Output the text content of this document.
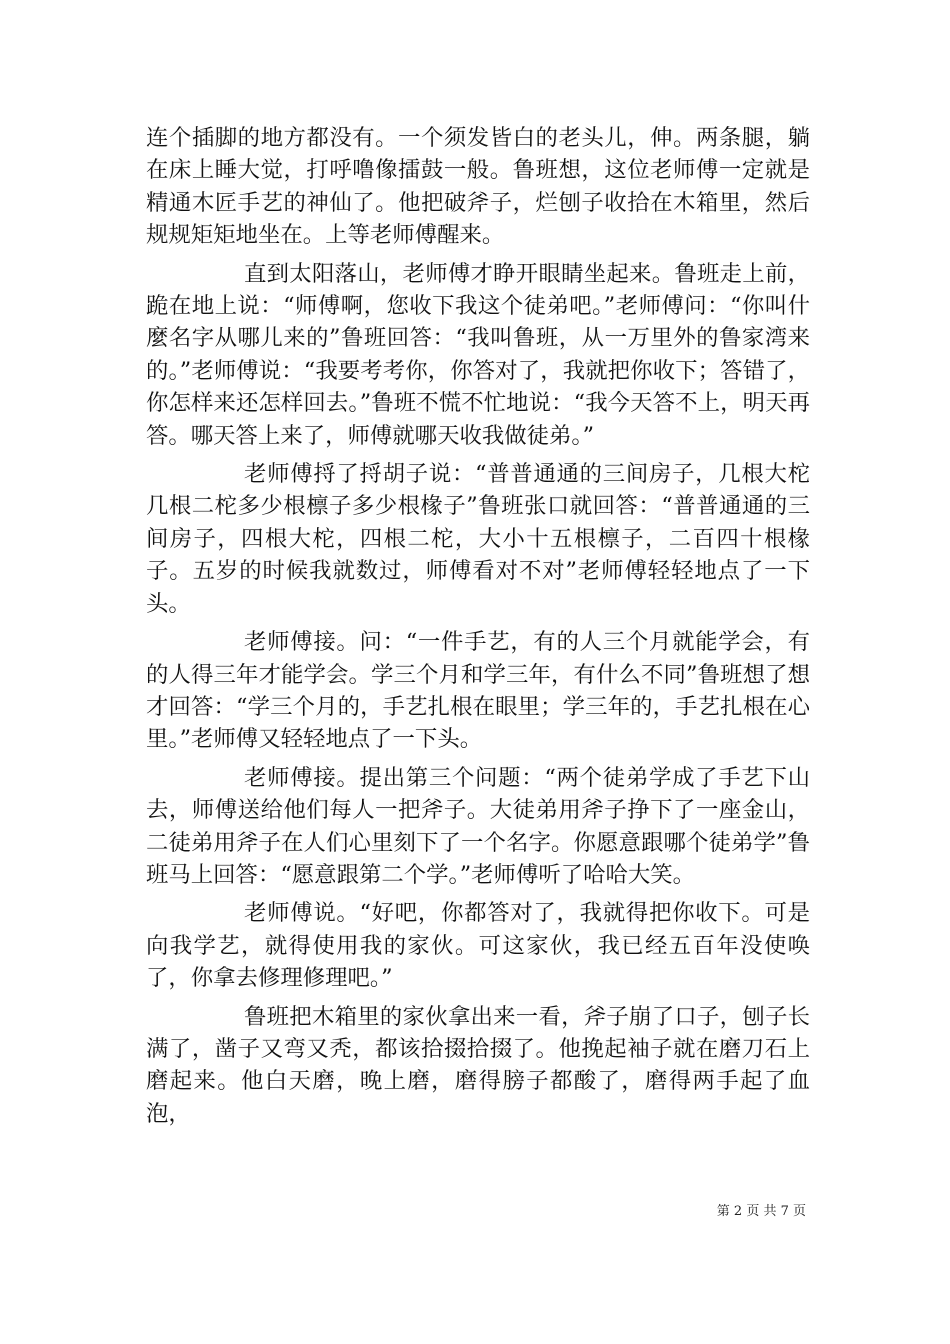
连个插脚的地方都没有。一个须发皆白的老头儿，伸。两条腿，躺在床上睡大觉，打呼噜像擂鼓一般。鲁班想，这位老师傅一定就是精通木匠手艺的神仙了。他把破斧子，烂刨子收拾在木箱里，然后规规矩矩地坐在。上等老师傅醒来。

直到太阳落山，老师傅才睁开眼睛坐起来。鲁班走上前，跪在地上说：“师傅啊，您收下我这个徒弟吧。”老师傅问：“你叫什麼名字从哪儿来的”鲁班回答：“我叫鲁班，从一万里外的鲁家湾来的。”老师傅说：“我要考考你，你答对了，我就把你收下；答错了，你怎样来还怎样回去。”鲁班不慌不忙地说：“我今天答不上，明天再答。哪天答上来了，师傅就哪天收我做徒弟。”

老师傅捋了捋胡子说：“普普通通的三间房子，几根大柁几根二柁多少根檩子多少根椽子”鲁班张口就回答：“普普通通的三间房子，四根大柁，四根二柁，大小十五根檩子，二百四十根椽子。五岁的时候我就数过，师傅看对不对”老师傅轻轻地点了一下头。

老师傅接。问：“一件手艺，有的人三个月就能学会，有的人得三年才能学会。学三个月和学三年，有什么不同”鲁班想了想才回答：“学三个月的，手艺扎根在眼里；学三年的，手艺扎根在心里。”老师傅又轻轻地点了一下头。

老师傅接。提出第三个问题：“两个徒弟学成了手艺下山去，师傅送给他们每人一把斧子。大徒弟用斧子挣下了一座金山，二徒弟用斧子在人们心里刻下了一个名字。你愿意跟哪个徒弟学”鲁班马上回答：“愿意跟第二个学。”老师傅听了哈哈大笑。

老师傅说。“好吧，你都答对了，我就得把你收下。可是向我学艺，就得使用我的家伙。可这家伙，我已经五百年没使唤了，你拿去修理修理吧。”

鲁班把木箱里的家伙拿出来一看，斧子崩了口子，刨子长满了，凿子又弯又秃，都该拾掇拾掇了。他挽起袖子就在磨刀石上磨起来。他白天磨，晚上磨，磨得膀子都酸了，磨得两手起了血泡，

第 2 页 共 7 页
